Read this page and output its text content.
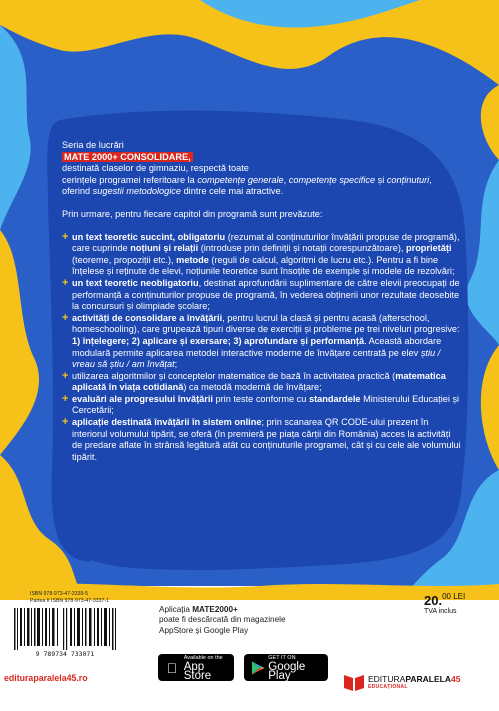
Seria de lucrări
MATE 2000+ CONSOLIDARE,
destinată claselor de gimnaziu, respectă toate
cerințele programei referitoare la competențe generale, competențe specifice și conținuturi, oferind sugestii metodologice dintre cele mai atractive.
Prin urmare, pentru fiecare capitol din programă sunt prevăzute:
+ un text teoretic succint, obligatoriu (rezumat al conținuturilor învățării propuse de programă), care cuprinde noțiuni și relații (introduse prin definiții și notații corespunzătoare), proprietăți (teoreme, propoziții etc.), metode (reguli de calcul, algoritmi de lucru etc.). Pentru a fi bine înțelese și reținute de elevi, noțiunile teoretice sunt însoțite de exemple și modele de rezolvări;
+ un text teoretic neobligatoriu, destinat aprofundării suplimentare de către elevii preocupați de performanță a conținuturilor propuse de programă, în vederea obținerii unor rezultate deosebite la concursuri și olimpiade școlare;
+ activități de consolidare a învățării, pentru lucrul la clasă și pentru acasă (afterschool, homeschooling), care grupează tipuri diverse de exerciții și probleme pe trei niveluri progresive: 1) înțelegere; 2) aplicare și exersare; 3) aprofundare și performanță. Această abordare modulară permite aplicarea metodei interactive moderne de învățare centrată pe elev știu / vreau să știu / am învățat;
+ utilizarea algoritmilor și conceptelor matematice de bază în activitatea practică (matematica aplicată în viața cotidiană) ca metodă modernă de învățare;
+ evaluări ale progresului învățării prin teste conforme cu standardele Ministerului Educației și Cercetării;
+ aplicație destinată învățării în sistem online; prin scanarea QR CODE-ului prezent în interiorul volumului tipărit, se oferă (în premieră pe piața cărții din România) acces la activități de predare aflate în strânsă legătură atât cu conținuturile programei, cât și cu cele ale volumului tipărit.
ISBN 978-973-47-3339-5
Partea II ISBN 978-973-47-3337-1
9 789734 733071
edituraparalela45.ro
Aplicația MATE2000+
poate fi descărcată din magazinele
AppStore și Google Play
Available on the
App Store
GET IT ON
Google Play
20.$^{00 LEI}$
TVA inclus
EDITURAPARALELA45
EDUCAȚIONAL
